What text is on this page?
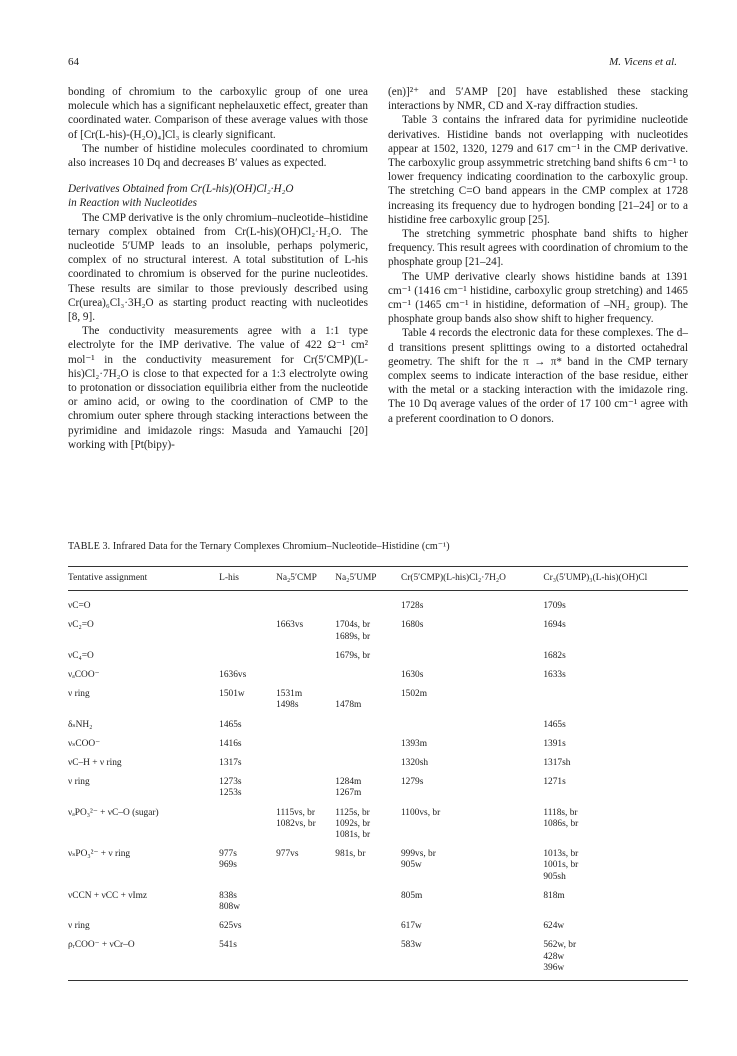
64	M. Vicens et al.

bonding of chromium to the carboxylic group of one urea molecule which has a significant nephelauxetic effect, greater than coordinated water. Comparison of these average values with those of [Cr(L-his)-(H₂O)₄]Cl₃ is clearly significant.

The number of histidine molecules coordinated to chromium also increases 10 Dq and decreases B′ values as expected.

Derivatives Obtained from Cr(L-his)(OH)Cl₂·H₂O
in Reaction with Nucleotides

The CMP derivative is the only chromium–nucleotide–histidine ternary complex obtained from Cr(L-his)(OH)Cl₂·H₂O. The nucleotide 5′UMP leads to an insoluble, perhaps polymeric, complex of no structural interest. A total substitution of L-his coordinated to chromium is observed for the purine nucleotides. These results are similar to those previously described using Cr(urea)₆Cl₃·3H₂O as starting product reacting with nucleotides [8, 9].

The conductivity measurements agree with a 1:1 type electrolyte for the IMP derivative. The value of 422 Ω⁻¹ cm² mol⁻¹ in the conductivity measurement for Cr(5′CMP)(L-his)Cl₂·7H₂O is close to that expected for a 1:3 electrolyte owing to protonation or dissociation equilibria either from the nucleotide or amino acid, or owing to the coordination of CMP to the chromium outer sphere through stacking interactions between the pyrimidine and imidazole rings: Masuda and Yamauchi [20] working with [Pt(bipy)-

(en)]²⁺ and 5′AMP [20] have established these stacking interactions by NMR, CD and X-ray diffraction studies.

Table 3 contains the infrared data for pyrimidine nucleotide derivatives. Histidine bands not overlapping with nucleotides appear at 1502, 1320, 1279 and 617 cm⁻¹ in the CMP derivative. The carboxylic group assymmetric stretching band shifts 6 cm⁻¹ to lower frequency indicating coordination to the carboxylic group. The stretching C=O band appears in the CMP complex at 1728 increasing its frequency due to hydrogen bonding [21–24] or to a histidine free carboxylic group [25].

The stretching symmetric phosphate band shifts to higher frequency. This result agrees with coordination of chromium to the phosphate group [21–24].

The UMP derivative clearly shows histidine bands at 1391 cm⁻¹ (1416 cm⁻¹ histidine, carboxylic group stretching) and 1465 cm⁻¹ (1465 cm⁻¹ in histidine, deformation of –NH₂ group). The phosphate group bands also show shift to higher frequency.

Table 4 records the electronic data for these complexes. The d–d transitions present splittings owing to a distorted octahedral geometry. The shift for the π → π* band in the CMP ternary complex seems to indicate interaction of the base residue, either with the metal or a stacking interaction with the imidazole ring. The 10 Dq average values of the order of 17 100 cm⁻¹ agree with a preferent coordination to O donors.

TABLE 3. Infrared Data for the Ternary Complexes Chromium–Nucleotide–Histidine (cm⁻¹)
Tentative assignment	L-his	Na₂5′CMP	Na₂5′UMP	Cr(5′CMP)(L-his)Cl₂·7H₂O	Cr₃(5′UMP)₃(L-his)(OH)Cl
νC=O				1728s	1709s
νC₂=O		1663vs	1704s, br	1680s	1694s
			1689s, br		
νC₄=O			1679s, br		1682s
νₐCOO⁻	1636vs			1630s	1633s
ν ring	1501w	1531m		1502m	
		1498s	1478m		
δₛNH₂	1465s				1465s
νₛCOO⁻	1416s			1393m	1391s
νC–H + ν ring	1317s			1320sh	1317sh
ν ring	1273s		1284m	1279s	1271s
	1253s		1267m		
νₐPO₃²⁻ + νC–O (sugar)		1115vs, br	1125s, br	1100vs, br	1118s, br
		1082vs, br	1092s, br		1086s, br
			1081s, br		
νₛPO₃²⁻ + ν ring	977s	977vs	981s, br	999vs, br	1013s, br
	969s			905w	1001s, br
					905sh
νCCN + νCC + νImz	838s			805m	818m
	808w				
ν ring	625vs			617w	624w
ρᵣCOO⁻ + νCr–O	541s			583w	562w, br
					428w
					396w
